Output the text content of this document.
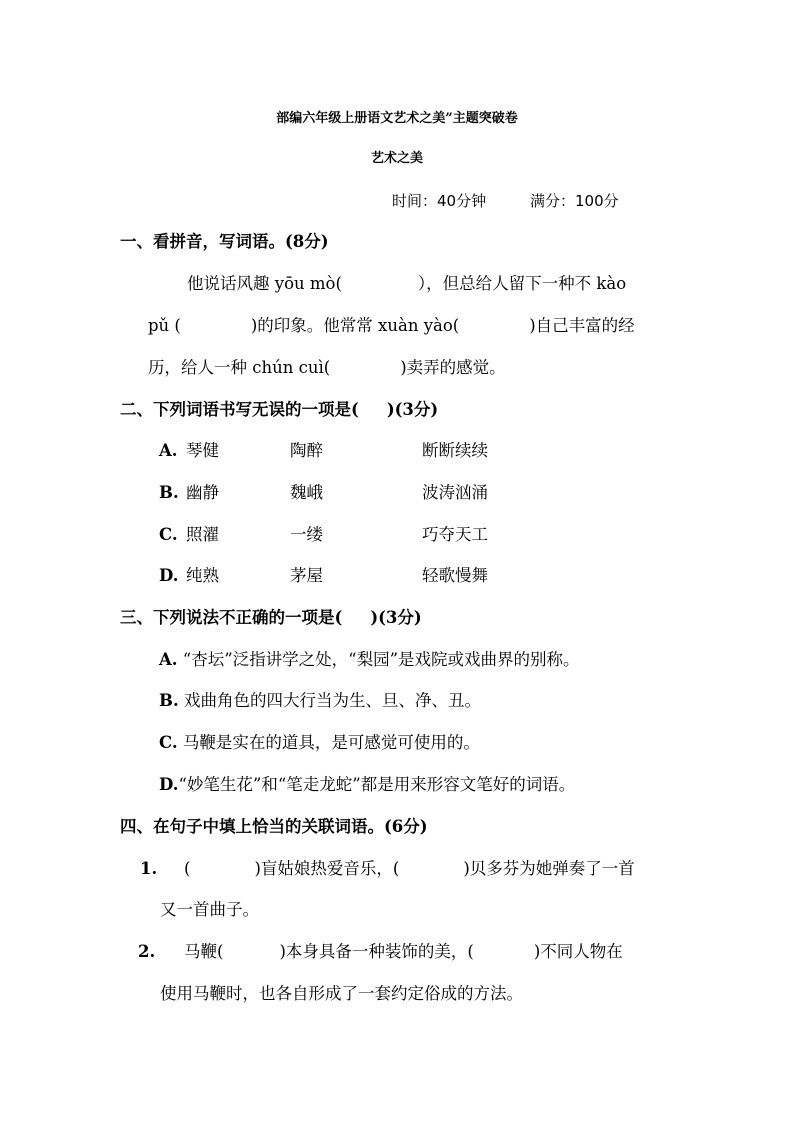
部编六年级上册语文艺术之美”主题突破卷
艺术之美
时间：40分钟	满分：100分
一、看拼音，写词语。(8分)
他说话风趣 yōu mò(	），但总给人留下一种不 kào
pǔ (	)的印象。他常常 xuàn yào(	)自己丰富的经
历，给人一种 chún cuì(	)卖弄的感觉。
二、下列词语书写无误的一项是( )(3分)
A. 琴健	陶醉	断断续续
B. 幽静	魏峨	波涛汹涌
C. 照濯	一缕	巧夺天工
D. 纯熟	茅屋	轻歌慢舞
三、下列说法不正确的一项是( )(3分)
A. “杏坛”泛指讲学之处，“梨园”是戏院或戏曲界的别称。
B. 戏曲角色的四大行当为生、旦、净、丑。
C. 马鞭是实在的道具，是可感觉可使用的。
D.“妙笔生花”和“笔走龙蛇”都是用来形容文笔好的词语。
四、在句子中填上恰当的关联词语。(6分)
1. (	)盲姑娘热爱音乐，(	)贝多芬为她弹奏了一首
又一首曲子。
2. 马鞭(	)本身具备一种装饰的美，(	)不同人物在
使用马鞭时，也各自形成了一套约定俗成的方法。
